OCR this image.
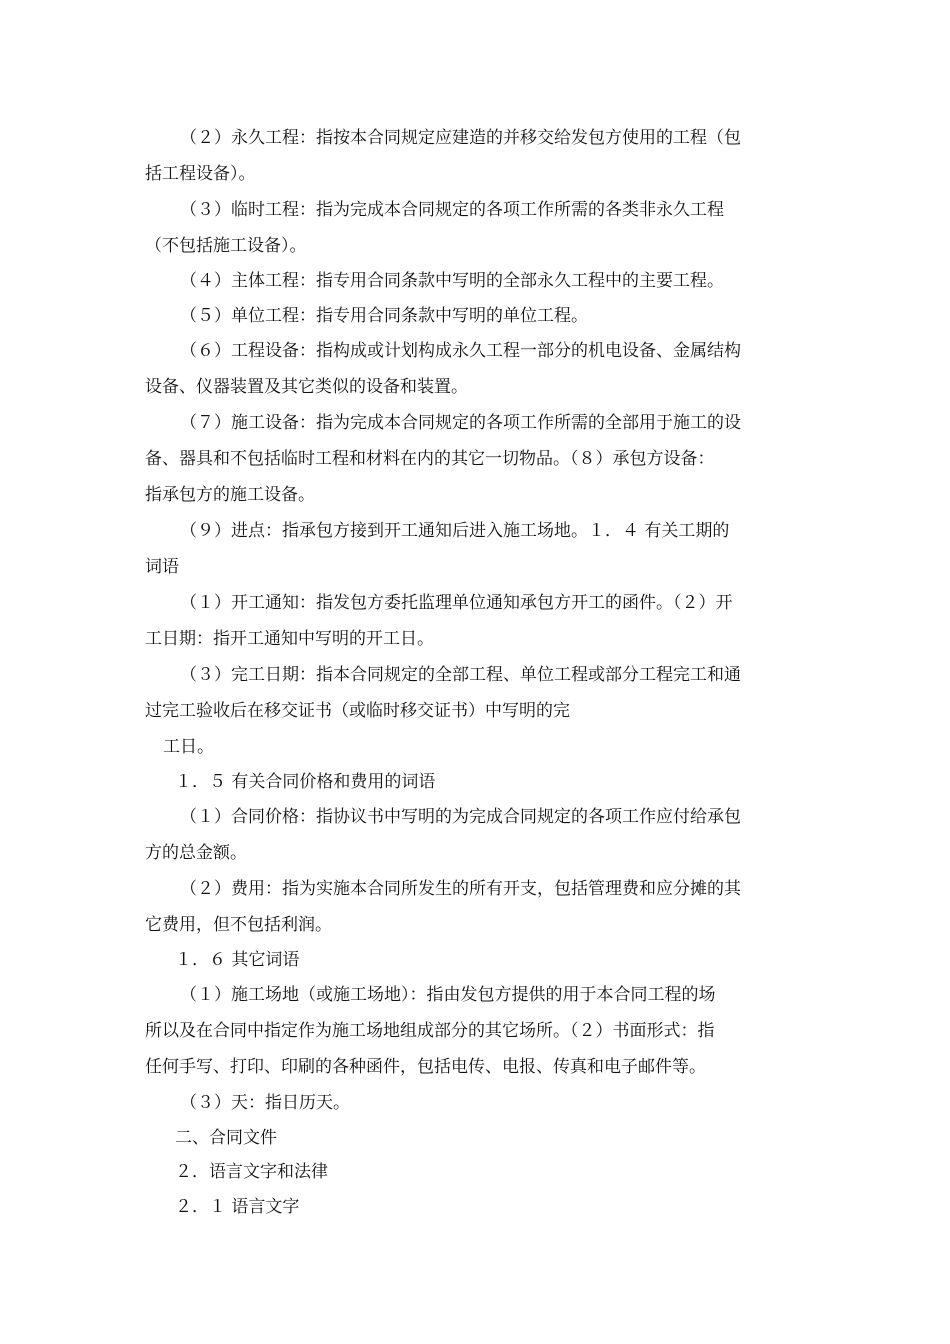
（２）永久工程：指按本合同规定应建造的并移交给发包方使用的工程（包
括工程设备）。
（３）临时工程：指为完成本合同规定的各项工作所需的各类非永久工程
（不包括施工设备）。
（４）主体工程：指专用合同条款中写明的全部永久工程中的主要工程。
（５）单位工程：指专用合同条款中写明的单位工程。
（６）工程设备：指构成或计划构成永久工程一部分的机电设备、金属结构
设备、仪器装置及其它类似的设备和装置。
（７）施工设备：指为完成本合同规定的各项工作所需的全部用于施工的设
备、器具和不包括临时工程和材料在内的其它一切物品。（８）承包方设备：
指承包方的施工设备。
（９）进点：指承包方接到开工通知后进入施工场地。１．４ 有关工期的
词语
（１）开工通知：指发包方委托监理单位通知承包方开工的函件。（２）开
工日期：指开工通知中写明的开工日。
（３）完工日期：指本合同规定的全部工程、单位工程或部分工程完工和通
过完工验收后在移交证书（或临时移交证书）中写明的完
工日。
１．５ 有关合同价格和费用的词语
（１）合同价格：指协议书中写明的为完成合同规定的各项工作应付给承包
方的总金额。
（２）费用：指为实施本合同所发生的所有开支，包括管理费和应分摊的其
它费用，但不包括利润。
１．６ 其它词语
（１）施工场地（或施工场地）：指由发包方提供的用于本合同工程的场
所以及在合同中指定作为施工场地组成部分的其它场所。（２）书面形式：指
任何手写、打印、印刷的各种函件，包括电传、电报、传真和电子邮件等。
（３）天：指日历天。
二、合同文件
２．语言文字和法律
２．１ 语言文字
